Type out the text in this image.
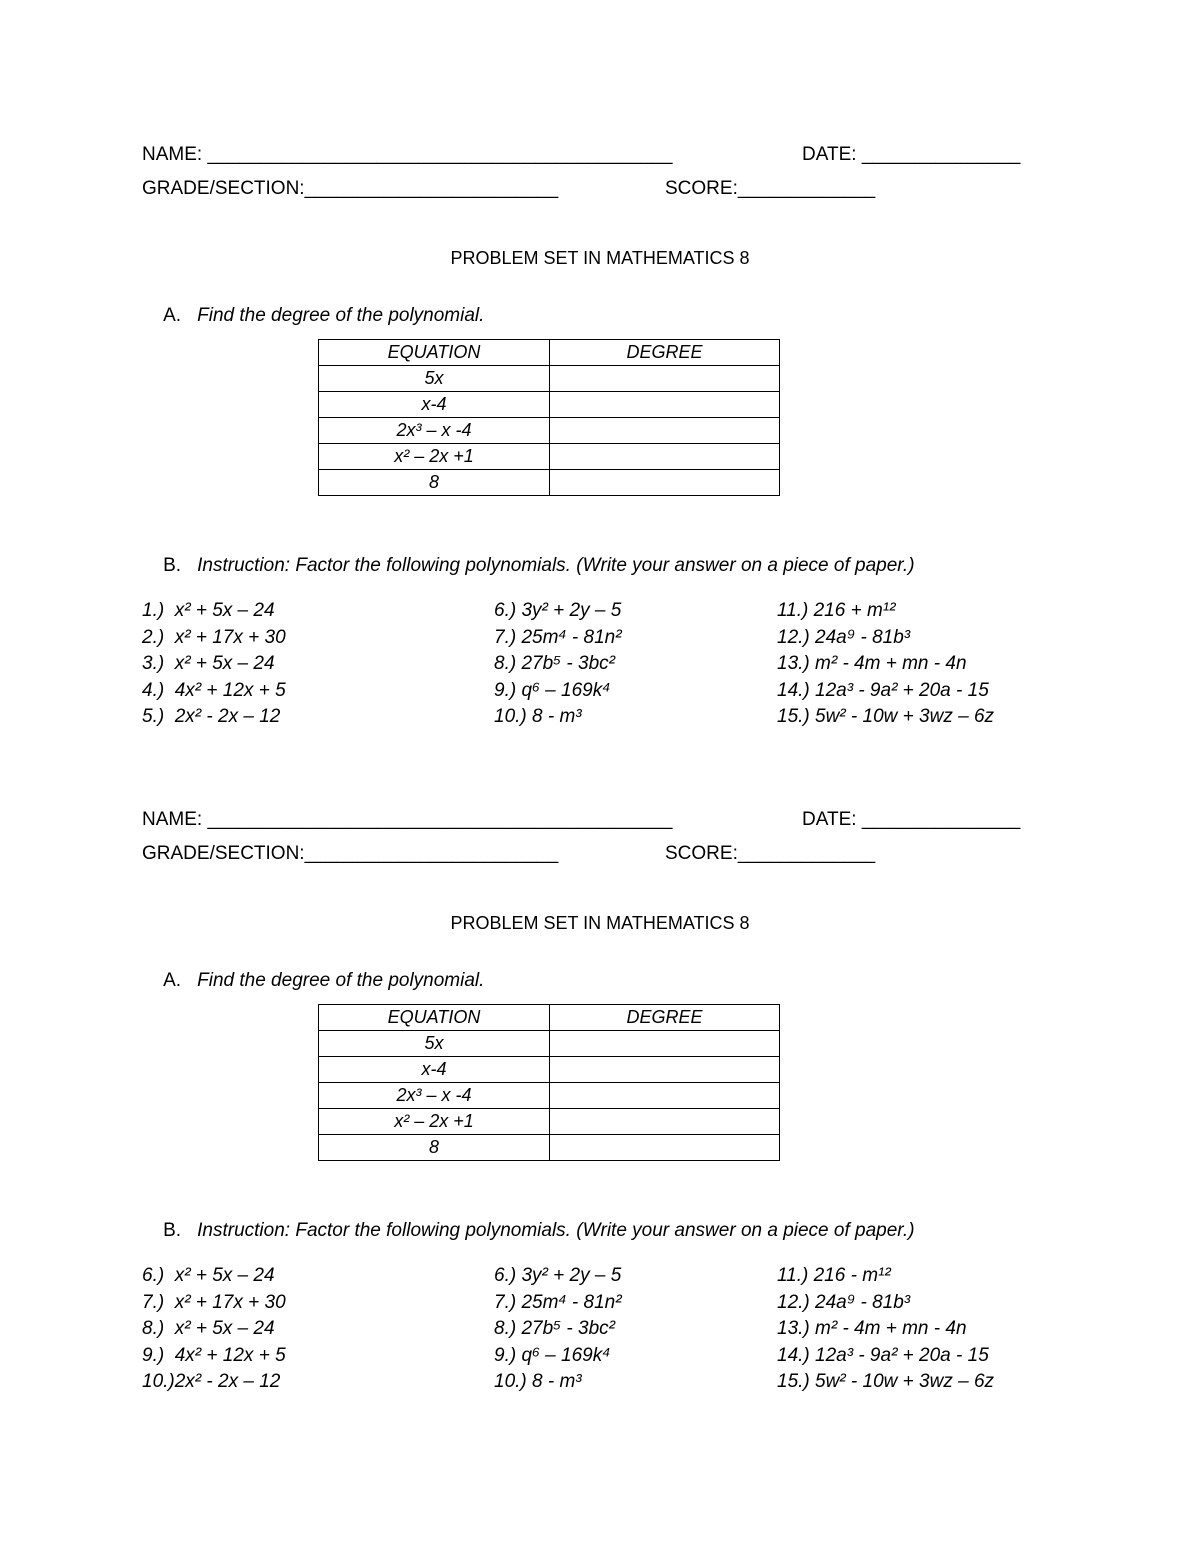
NAME: ____________________________________________	DATE: _______________
GRADE/SECTION:________________________	SCORE:_____________
PROBLEM SET IN MATHEMATICS 8

A. Find the degree of the polynomial.

EQUATION	DEGREE
5x	
x-4	
2x³ – x -4	
x² – 2x +1	
8	

B. Instruction: Factor the following polynomials. (Write your answer on a piece of paper.)

1.)  x² + 5x – 24
2.)  x² + 17x + 30
3.)  x² + 5x – 24
4.)  4x² + 12x + 5
5.)  2x² - 2x – 12
6.) 3y² + 2y – 5
7.) 25m⁴ - 81n²
8.) 27b⁵ - 3bc²
9.) q⁶ – 169k⁴
10.) 8 - m³
11.) 216 + m¹²
12.) 24a⁹ - 81b³
13.) m² - 4m + mn - 4n
14.) 12a³ - 9a² + 20a - 15
15.) 5w² - 10w + 3wz – 6z
NAME: ____________________________________________	DATE: _______________
GRADE/SECTION:________________________	SCORE:_____________
PROBLEM SET IN MATHEMATICS 8

A. Find the degree of the polynomial.

EQUATION	DEGREE
5x	
x-4	
2x³ – x -4	
x² – 2x +1	
8	

B. Instruction: Factor the following polynomials. (Write your answer on a piece of paper.)

6.)  x² + 5x – 24
7.)  x² + 17x + 30
8.)  x² + 5x – 24
9.)  4x² + 12x + 5
10.)2x² - 2x – 12
6.) 3y² + 2y – 5
7.) 25m⁴ - 81n²
8.) 27b⁵ - 3bc²
9.) q⁶ – 169k⁴
10.) 8 - m³
11.) 216 - m¹²
12.) 24a⁹ - 81b³
13.) m² - 4m + mn - 4n
14.) 12a³ - 9a² + 20a - 15
15.) 5w² - 10w + 3wz – 6z
